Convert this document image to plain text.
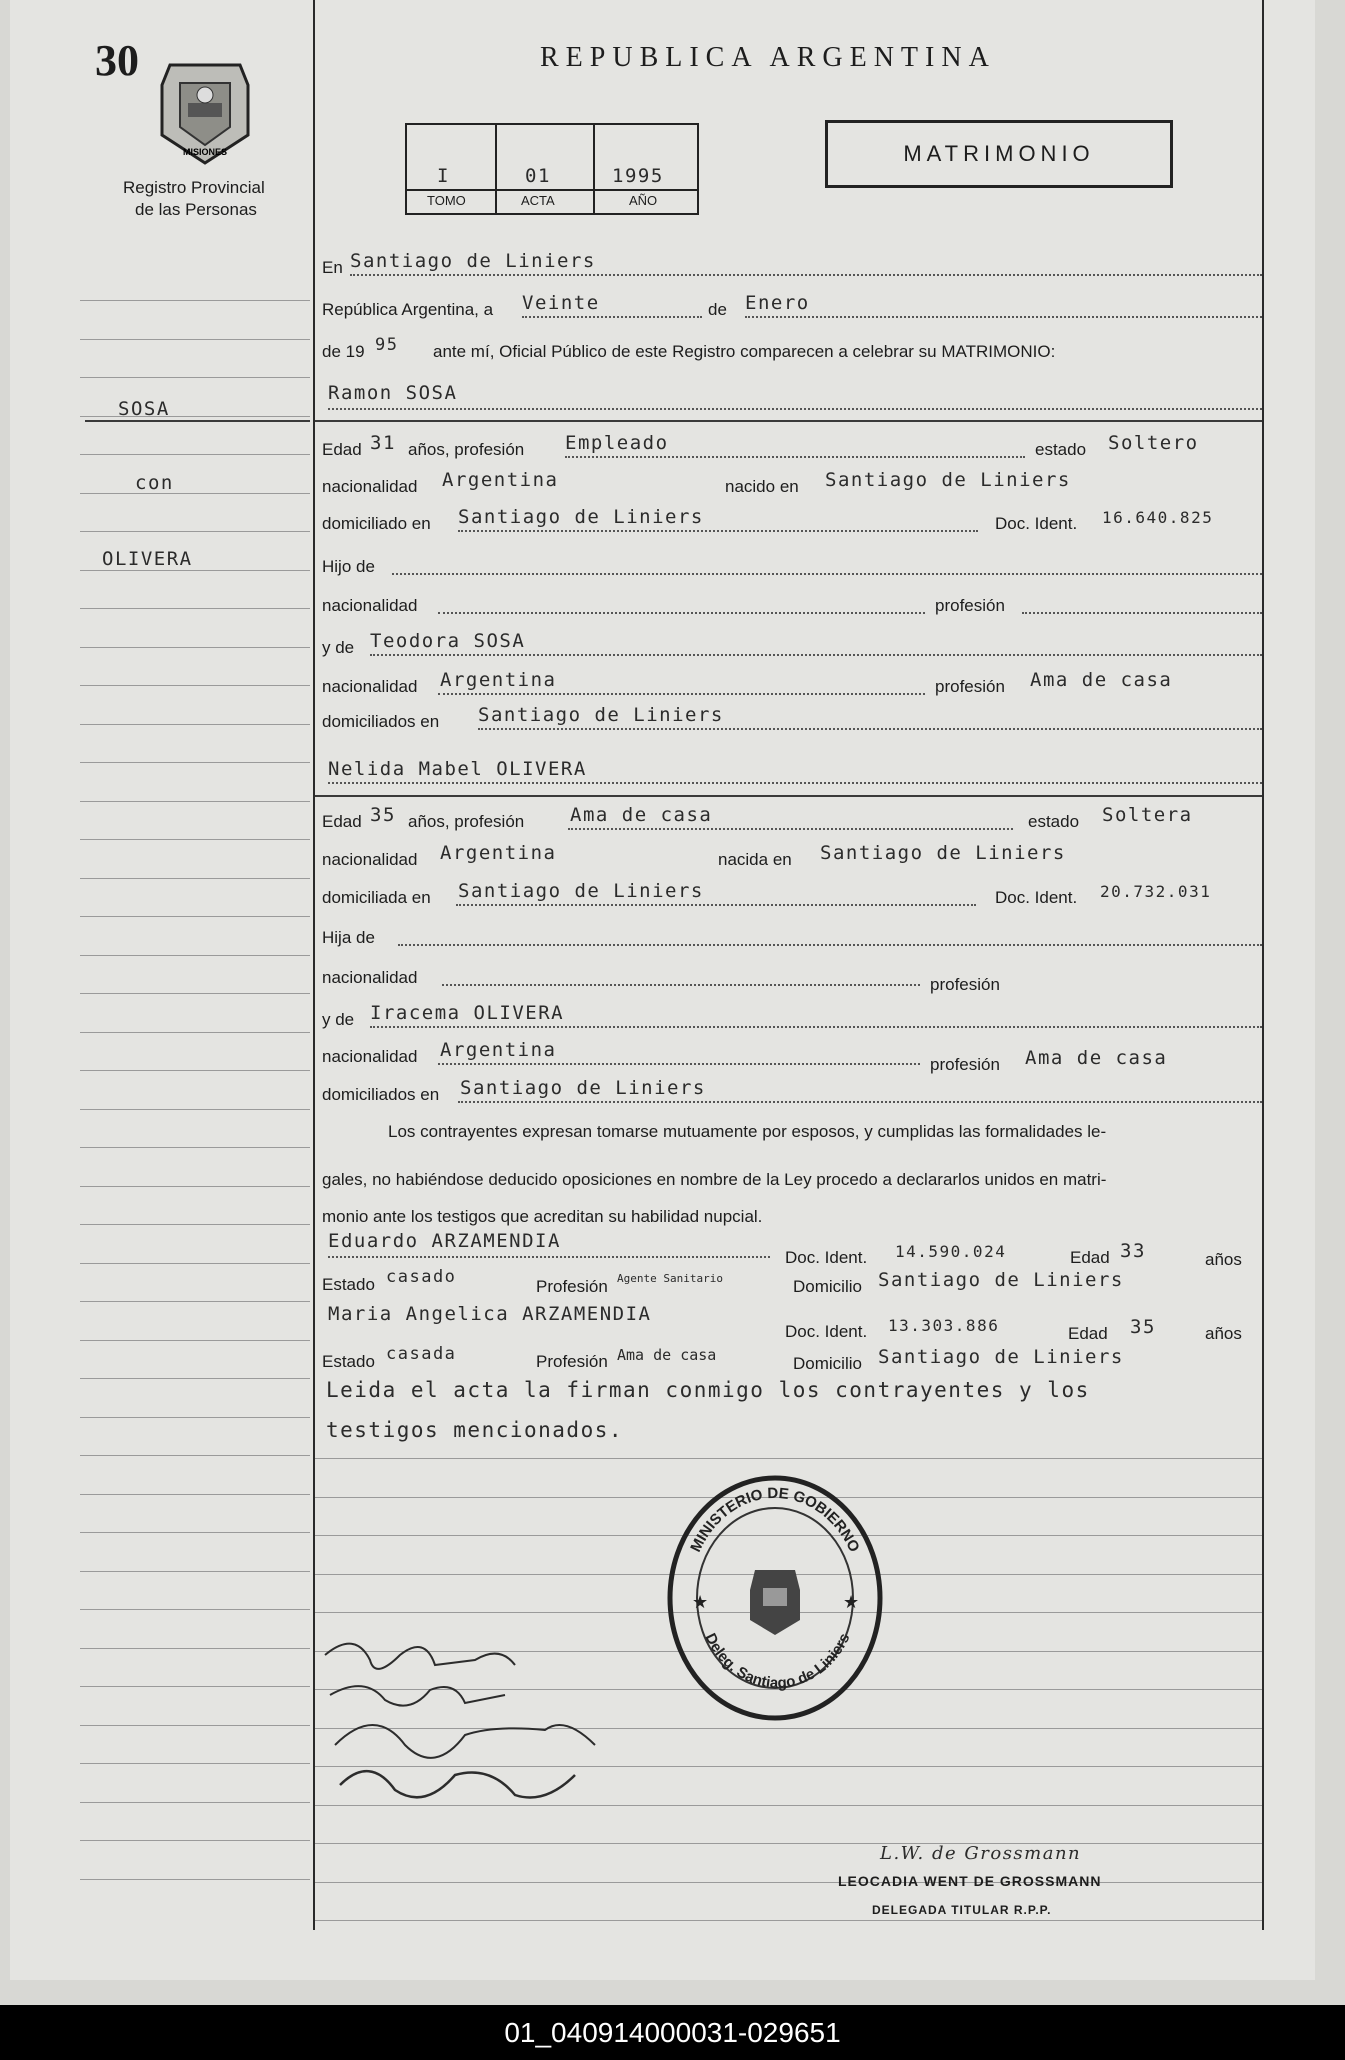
30
MISIONES
Registro Provincial
de las Personas
REPUBLICA ARGENTINA
I	01	1995
TOMO	ACTA	AÑO
MATRIMONIO
SOSA
con
OLIVERA
En Santiago de Liniers
República Argentina, a Veinte	de Enero
de 19 95 ante mí, Oficial Público de este Registro comparecen a celebrar su MATRIMONIO:
Ramon SOSA
Edad 31 años, profesión Empleado	estado Soltero
nacionalidad Argentina	nacido en Santiago de Liniers
domiciliado en Santiago de Liniers	Doc. Ident. 16.640.825
Hijo de
nacionalidad	profesión
y de Teodora SOSA
nacionalidad Argentina	profesión Ama de casa
domiciliados en Santiago de Liniers
Nelida Mabel OLIVERA
Edad 35 años, profesión Ama de casa	estado Soltera
nacionalidad Argentina	nacida en Santiago de Liniers
domiciliada en Santiago de Liniers	Doc. Ident. 20.732.031
Hija de
nacionalidad	profesión
y de Iracema OLIVERA
nacionalidad Argentina
profesión Ama de casa
domiciliados en Santiago de Liniers
Los contrayentes expresan tomarse mutuamente por esposos, y cumplidas las formalidades le-
gales, no habiéndose deducido oposiciones en nombre de la Ley procedo a declararlos unidos en matri-
monio ante los testigos que acreditan su habilidad nupcial.
Eduardo ARZAMENDIA
Doc. Ident. 14.590.024	Edad 33	años
Estado casado	Profesión Agente Sanitario	Domicilio Santiago de Liniers
Maria Angelica ARZAMENDIA
Doc. Ident. 13.303.886	Edad 35	años
Estado casada	Profesión Ama de casa	Domicilio Santiago de Liniers
Leida el acta la firman conmigo los contrayentes y los
testigos mencionados.
MINISTERIO DE GOBIERNO
Deleg. Santiago de Liniers
★	★
Ramon Sosa
Nelida Olivera
L.W. de Grossmann
LEOCADIA WENT DE GROSSMANN
DELEGADA TITULAR R.P.P.
01_040914000031-029651
